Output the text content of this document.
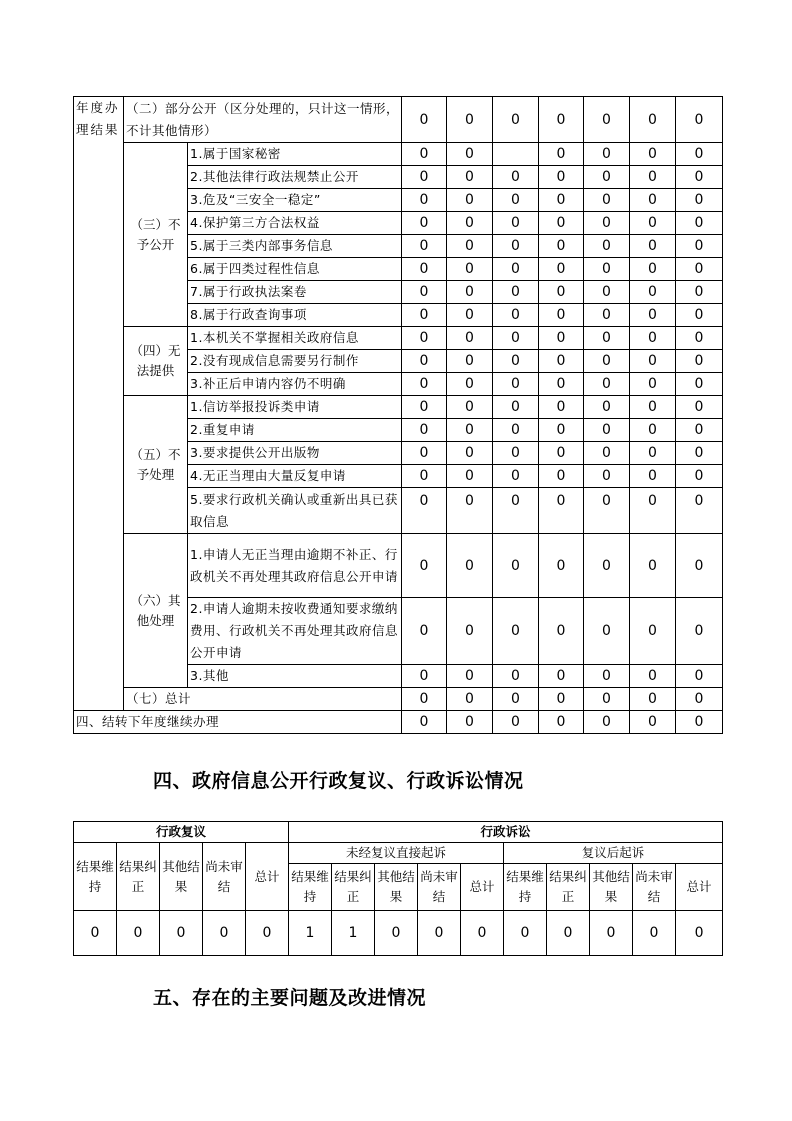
年度办理结果	（二）部分公开（区分处理的，只计这一情形，不计其他情形）		0	0	0	0	0	0	0
	（三）不予公开	1.属于国家秘密	0	0		0	0	0	0
		2.其他法律行政法规禁止公开	0	0	0	0	0	0	0
		3.危及“三安全一稳定”	0	0	0	0	0	0	0
		4.保护第三方合法权益	0	0	0	0	0	0	0
		5.属于三类内部事务信息	0	0	0	0	0	0	0
		6.属于四类过程性信息	0	0	0	0	0	0	0
		7.属于行政执法案卷	0	0	0	0	0	0	0
		8.属于行政查询事项	0	0	0	0	0	0	0
	（四）无法提供	1.本机关不掌握相关政府信息	0	0	0	0	0	0	0
		2.没有现成信息需要另行制作	0	0	0	0	0	0	0
		3.补正后申请内容仍不明确	0	0	0	0	0	0	0
	（五）不予处理	1.信访举报投诉类申请	0	0	0	0	0	0	0
		2.重复申请	0	0	0	0	0	0	0
		3.要求提供公开出版物	0	0	0	0	0	0	0
		4.无正当理由大量反复申请	0	0	0	0	0	0	0
		5.要求行政机关确认或重新出具已获取信息	0	0	0	0	0	0	0
	（六）其他处理	1.申请人无正当理由逾期不补正、行政机关不再处理其政府信息公开申请	0	0	0	0	0	0	0
		2.申请人逾期未按收费通知要求缴纳费用、行政机关不再处理其政府信息公开申请	0	0	0	0	0	0	0
		3.其他	0	0	0	0	0	0	0
	（七）总计		0	0	0	0	0	0	0
四、结转下年度继续办理			0	0	0	0	0	0	0
四、政府信息公开行政复议、行政诉讼情况
行政复议					行政诉讼									
结果维持	结果纠正	其他结果	尚未审结	总计	未经复议直接起诉					复议后起诉				
					结果维持	结果纠正	其他结果	尚未审结	总计	结果维持	结果纠正	其他结果	尚未审结	总计
0	0	0	0	0	1	1	0	0	0	0	0	0	0	0
五、存在的主要问题及改进情况
